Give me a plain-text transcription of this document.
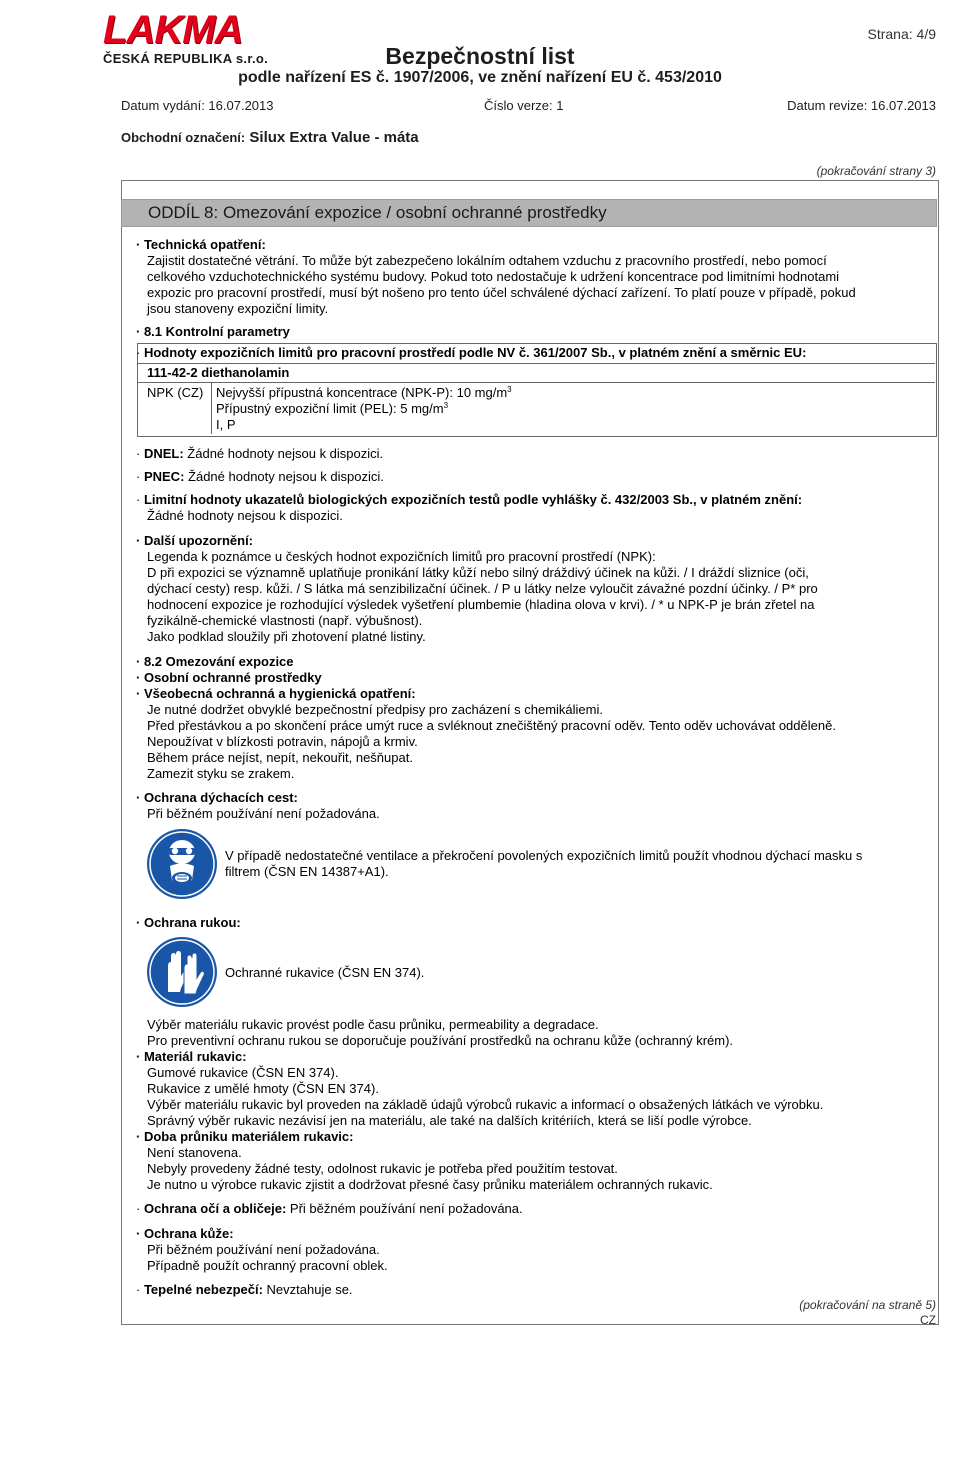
LAKMA
ČESKÁ REPUBLIKA s.r.o.
Strana: 4/9
Bezpečnostní list
podle nařízení ES č. 1907/2006, ve znění nařízení EU č. 453/2010
Datum vydání: 16.07.2013	Číslo verze: 1	Datum revize: 16.07.2013
Obchodní označení: Silux Extra Value - máta
(pokračování strany 3)
ODDÍL 8: Omezování expozice / osobní ochranné prostředky
· Technická opatření:
Zajistit dostatečné větrání. To může být zabezpečeno lokálním odtahem vzduchu z pracovního prostředí, nebo pomocí
celkového vzduchotechnického systému budovy. Pokud toto nedostačuje k udržení koncentrace pod limitními hodnotami
expozic pro pracovní prostředí, musí být nošeno pro tento účel schválené dýchací zařízení. To platí pouze v případě, pokud
jsou stanoveny expoziční limity.
· 8.1 Kontrolní parametry
· Hodnoty expozičních limitů pro pracovní prostředí podle NV č. 361/2007 Sb., v platném znění a směrnic EU:
111-42-2 diethanolamin
NPK (CZ) Nejvyšší přípustná koncentrace (NPK-P): 10 $mg/m^3$
Přípustný expoziční limit (PEL): 5 $mg/m^3$
I, P
· DNEL: Žádné hodnoty nejsou k dispozici.
· PNEC: Žádné hodnoty nejsou k dispozici.
· Limitní hodnoty ukazatelů biologických expozičních testů podle vyhlášky č. 432/2003 Sb., v platném znění:
Žádné hodnoty nejsou k dispozici.
· Další upozornění:
Legenda k poznámce u českých hodnot expozičních limitů pro pracovní prostředí (NPK):
D při expozici se významně uplatňuje pronikání látky kůží nebo silný dráždivý účinek na kůži. / I dráždí sliznice (oči,
dýchací cesty) resp. kůži. / S látka má senzibilizační účinek. / P u látky nelze vyloučit závažné pozdní účinky. / P* pro
hodnocení expozice je rozhodující výsledek vyšetření plumbemie (hladina olova v krvi). / * u NPK-P je brán zřetel na
fyzikálně-chemické vlastnosti (např. výbušnost).
Jako podklad sloužily při zhotovení platné listiny.
· 8.2 Omezování expozice
· Osobní ochranné prostředky
· Všeobecná ochranná a hygienická opatření:
Je nutné dodržet obvyklé bezpečnostní předpisy pro zacházení s chemikáliemi.
Před přestávkou a po skončení práce umýt ruce a svléknout znečištěný pracovní oděv. Tento oděv uchovávat odděleně.
Nepoužívat v blízkosti potravin, nápojů a krmiv.
Během práce nejíst, nepít, nekouřit, nešňupat.
Zamezit styku se zrakem.
· Ochrana dýchacích cest:
Při běžném používání není požadována.
V případě nedostatečné ventilace a překročení povolených expozičních limitů použít vhodnou dýchací masku s
filtrem (ČSN EN 14387+A1).
· Ochrana rukou:
Ochranné rukavice (ČSN EN 374).
Výběr materiálu rukavic provést podle času průniku, permeability a degradace.
Pro preventivní ochranu rukou se doporučuje používání prostředků na ochranu kůže (ochranný krém).
· Materiál rukavic:
Gumové rukavice (ČSN EN 374).
Rukavice z umělé hmoty (ČSN EN 374).
Výběr materiálu rukavic byl proveden na základě údajů výrobců rukavic a informací o obsažených látkách ve výrobku.
Správný výběr rukavic nezávisí jen na materiálu, ale také na dalších kritériích, která se liší podle výrobce.
· Doba průniku materiálem rukavic:
Není stanovena.
Nebyly provedeny žádné testy, odolnost rukavic je potřeba před použitím testovat.
Je nutno u výrobce rukavic zjistit a dodržovat přesné časy průniku materiálem ochranných rukavic.
· Ochrana očí a obličeje: Při běžném používání není požadována.
· Ochrana kůže:
Při běžném používání není požadována.
Případně použít ochranný pracovní oblek.
· Tepelné nebezpečí: Nevztahuje se.
(pokračování na straně 5)
CZ
